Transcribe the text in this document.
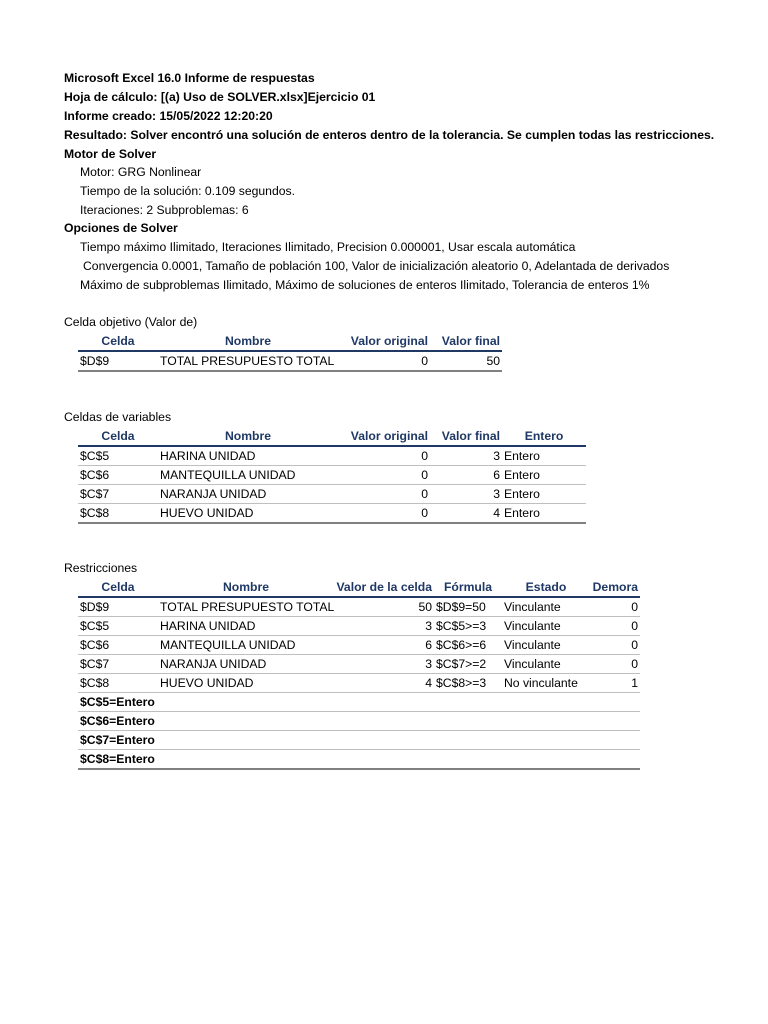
Microsoft Excel 16.0 Informe de respuestas
Hoja de cálculo: [(a) Uso de SOLVER.xlsx]Ejercicio 01
Informe creado: 15/05/2022 12:20:20
Resultado: Solver encontró una solución de enteros dentro de la tolerancia. Se cumplen todas las restricciones.
Motor de Solver
Motor: GRG Nonlinear
Tiempo de la solución: 0.109 segundos.
Iteraciones: 2 Subproblemas: 6
Opciones de Solver
Tiempo máximo Ilimitado, Iteraciones Ilimitado, Precision 0.000001, Usar escala automática
Convergencia 0.0001, Tamaño de población 100, Valor de inicialización aleatorio 0, Adelantada de derivados
Máximo de subproblemas Ilimitado, Máximo de soluciones de enteros Ilimitado, Tolerancia de enteros 1%
Celda objetivo (Valor de)
Celda	Nombre	Valor original	Valor final
$D$9	TOTAL PRESUPUESTO TOTAL	0	50
Celdas de variables
Celda	Nombre	Valor original	Valor final	Entero
$C$5	HARINA UNIDAD	0	3	Entero
$C$6	MANTEQUILLA UNIDAD	0	6	Entero
$C$7	NARANJA UNIDAD	0	3	Entero
$C$8	HUEVO UNIDAD	0	4	Entero
Restricciones
Celda	Nombre	Valor de la celda	Fórmula	Estado	Demora
$D$9	TOTAL PRESUPUESTO TOTAL	50	$D$9=50	Vinculante	0
$C$5	HARINA UNIDAD	3	$C$5>=3	Vinculante	0
$C$6	MANTEQUILLA UNIDAD	6	$C$6>=6	Vinculante	0
$C$7	NARANJA UNIDAD	3	$C$7>=2	Vinculante	0
$C$8	HUEVO UNIDAD	4	$C$8>=3	No vinculante	1
$C$5=Entero					
$C$6=Entero					
$C$7=Entero					
$C$8=Entero					
